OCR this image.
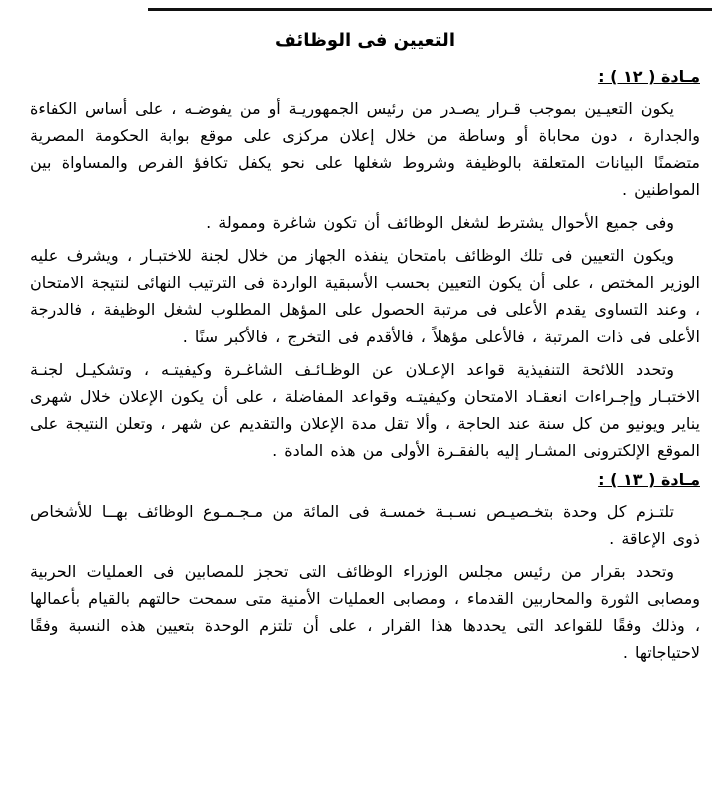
التعيين فى الوظائف
مـادة ( ١٢ ) :

يكون التعيـين بموجب قـرار يصـدر من رئيس الجمهوريـة أو من يفوضـه ، على أساس الكفاءة والجدارة ، دون محاباة أو وساطة من خلال إعلان مركزى على موقع بوابة الحكومة المصرية متضمنًا البيانات المتعلقة بالوظيفة وشروط شغلها على نحو يكفل تكافؤ الفرص والمساواة بين المواطنين .

وفى جميع الأحوال يشترط لشغل الوظائف أن تكون شاغرة وممولة .

ويكون التعيين فى تلك الوظائف بامتحان ينفذه الجهاز من خلال لجنة للاختبـار ، ويشرف عليه الوزير المختص ، على أن يكون التعيين بحسب الأسبقية الواردة فى الترتيب النهائى لنتيجة الامتحان ، وعند التساوى يقدم الأعلى فى مرتبة الحصول على المؤهل المطلوب لشغل الوظيفة ، فالدرجة الأعلى فى ذات المرتبة ، فالأعلى مؤهلاً ، فالأقدم فى التخرج ، فالأكبر سنًا .

وتحدد اللائحة التنفيذية قواعد الإعـلان عن الوظـائـف الشاغـرة وكيفيتـه ، وتشكيـل لجنـة الاختبـار وإجـراءات انعقـاد الامتحان وكيفيتـه وقواعد المفاضلة ، على أن يكون الإعلان خلال شهرى يناير ويونيو من كل سنة عند الحاجة ، وألا تقل مدة الإعلان والتقديم عن شهر ، وتعلن النتيجة على الموقع الإلكترونى المشـار إليه بالفقـرة الأولى من هذه المادة .

مـادة ( ١٣ ) :

تلتـزم كل وحدة بتخـصيـص نسـبـة خمسـة فى المائة من مـجـمـوع الوظائف بهــا للأشخاص ذوى الإعاقة .

وتحدد بقرار من رئيس مجلس الوزراء الوظائف التى تحجز للمصابين فى العمليات الحربية ومصابى الثورة والمحاربين القدماء ، ومصابى العمليات الأمنية متى سمحت حالتهم بالقيام بأعمالها ، وذلك وفقًا للقواعد التى يحددها هذا القرار ، على أن تلتزم الوحدة بتعيين هذه النسبة وفقًا لاحتياجاتها .
